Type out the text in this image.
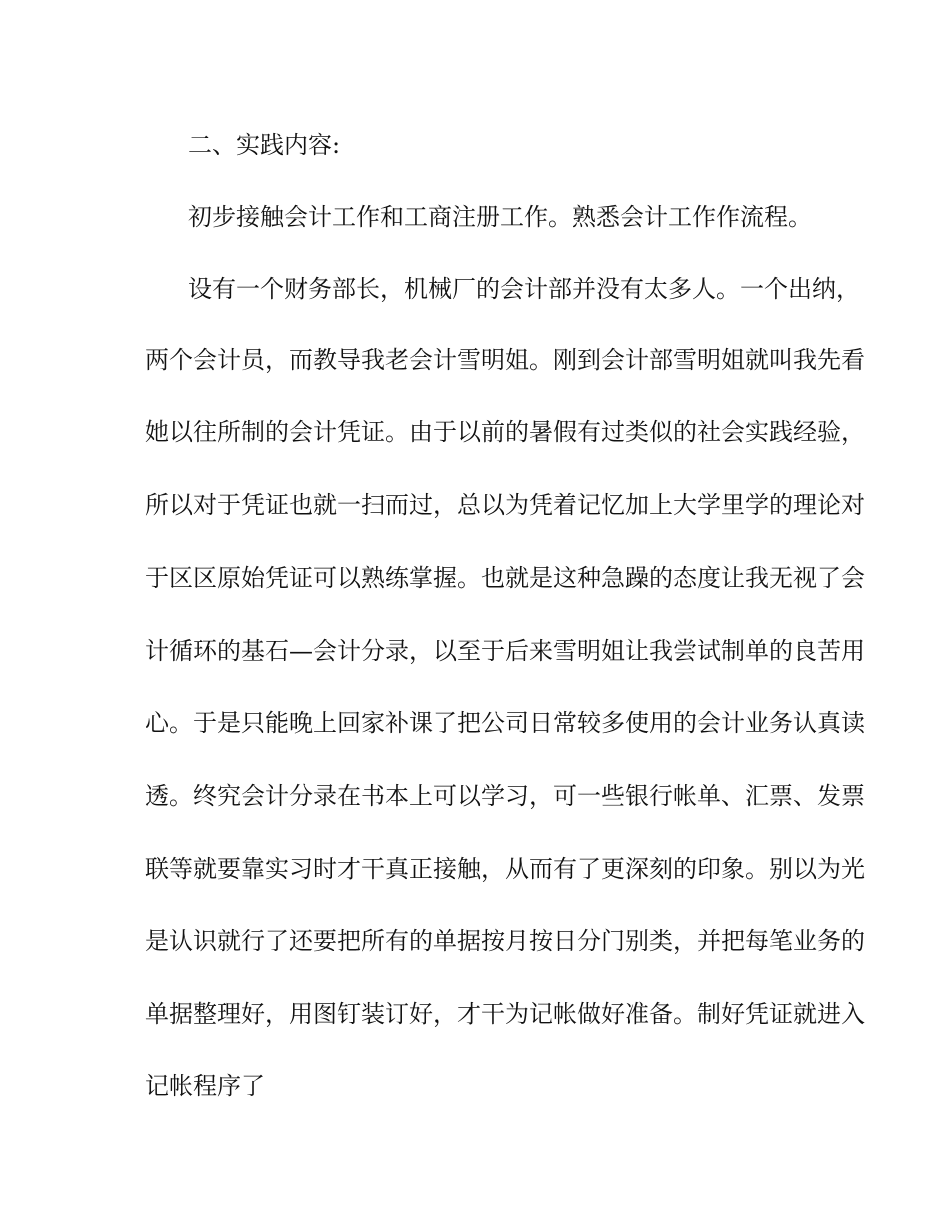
二、实践内容:
初步接触会计工作和工商注册工作。熟悉会计工作作流程。
设有一个财务部长，机械厂的会计部并没有太多人。一个出纳，
两个会计员，而教导我老会计雪明姐。刚到会计部雪明姐就叫我先看
她以往所制的会计凭证。由于以前的暑假有过类似的社会实践经验，
所以对于凭证也就一扫而过，总以为凭着记忆加上大学里学的理论对
于区区原始凭证可以熟练掌握。也就是这种急躁的态度让我无视了会
计循环的基石—会计分录，以至于后来雪明姐让我尝试制单的良苦用
心。于是只能晚上回家补课了把公司日常较多使用的会计业务认真读
透。终究会计分录在书本上可以学习，可一些银行帐单、汇票、发票
联等就要靠实习时才干真正接触，从而有了更深刻的印象。别以为光
是认识就行了还要把所有的单据按月按日分门别类，并把每笔业务的
单据整理好，用图钉装订好，才干为记帐做好准备。制好凭证就进入
记帐程序了
